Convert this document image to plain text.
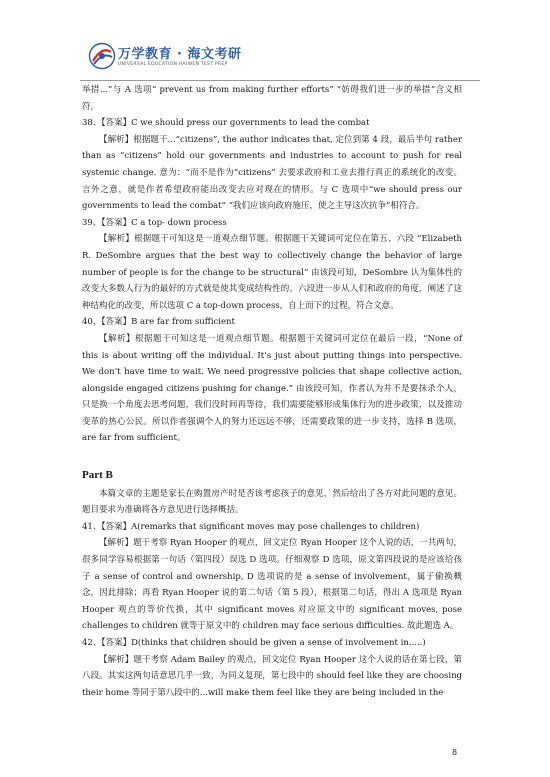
万学教育 · 海文考研
UNIVERSAL EDUCATION HAIWEN TEST PREP

举措...”与 A 选项“ prevent us from making further efforts” “妨碍我们进一步的举措”含义相符。

38、【答案】C we should press our governments to lead the combat

【解析】根据题干...“citizens”, the author indicates that, 定位到第 4 段，最后半句 rather than as “citizens” hold our governments and industries to account to push for real systemic change. 意为：“而不是作为“citizens” 去要求政府和工业去推行真正的系统化的改变。言外之意，就是作者希望政府能出改变去应对现在的情形。与 C 选项中“we should press our governments to lead the combat” “我们应该向政府施压，使之主导这次抗争”相符合。

39、【答案】C a top- down process

【解析】根据题干可知这是一道观点细节题。根据题干关键词可定位在第五、六段 “Elizabeth R. DeSombre argues that the best way to collectively change the behavior of large number of people is for the change to be structural” 由该段可知，DeSombre 认为集体性的改变大多数人行为的最好的方式就是使其变成结构性的。六段进一步从人们和政府的角度，阐述了这种结构化的改变，所以选项 C a top-down process，自上而下的过程，符合文意。

40、【答案】B are far from sufficient

【解析】根据题干可知这是一道观点细节题。根据题干关键词可定位在最后一段，“None of this is about writing off the individual. It’s just about putting things into perspective. We don’t have time to wait. We need progressive policies that shape collective action, alongside engaged citizens pushing for change.” 由该段可知，作者认为并不是要抹杀个人，只是换一个角度去思考问题，我们没时间再等待，我们需要能够形成集体行为的进步政策，以及推动变革的热心公民。所以作者强调个人的努力还远远不够，还需要政策的进一步支持，选择 B 选项，are far from sufficient。

Part B

本篇文章的主题是家长在购置房产时是否该考虑孩子的意见，然后给出了各方对此问题的意见。题目要求为准确将各方意见进行选择概括。

41、【答案】A(remarks that significant moves may pose challenges to children)

【解析】题干考察 Ryan Hooper 的观点，回文定位 Ryan Hooper 这个人说的话，一共两句，很多同学容易根据第一句话（第四段）误选 D 选项。仔细观察 D 选项，原文第四段说的是应该给孩子 a sense of control and ownership, D 选项说的是 a sense of involvement，属于偷换概念，因此排除；再看 Ryan Hooper 说的第二句话（第 5 段），根据第二句话，得出 A 选项是 Ryan Hooper 观点的等价代换，其中 significant moves 对应原文中的 significant moves, pose challenges to children 就等于原文中的 children may face serious difficulties. 故此题选 A。

42、【答案】D(thinks that children should be given a sense of involvement in.....)

【解析】题干考察 Adam Bailey 的观点，回文定位 Ryan Hooper 这个人说的话在第七段，第八段。其实这两句话意思几乎一致，为同义复现，第七段中的 should feel like they are choosing their home 等同于第八段中的...will make them feel like they are being included in the

8
